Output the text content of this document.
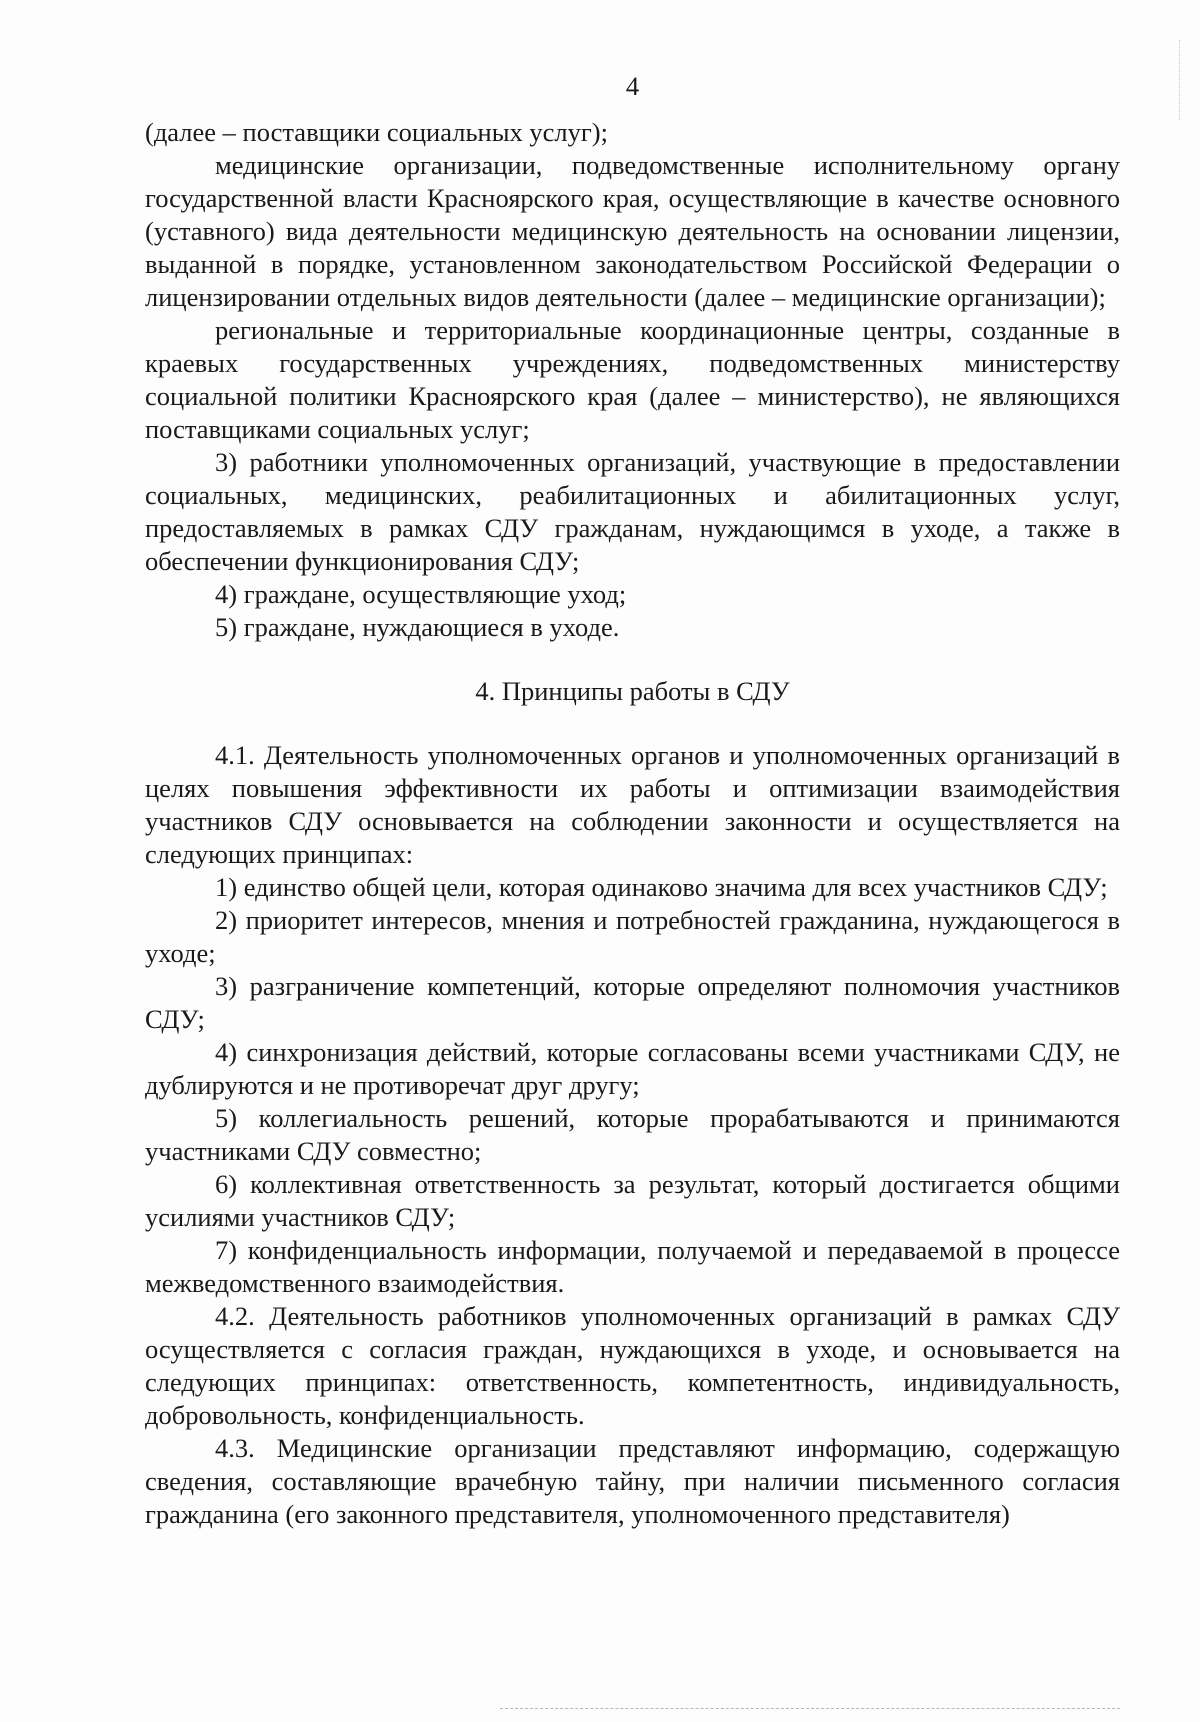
4

(далее – поставщики социальных услуг);

медицинские организации, подведомственные исполнительному органу государственной власти Красноярского края, осуществляющие в качестве основного (уставного) вида деятельности медицинскую деятельность на основании лицензии, выданной в порядке, установленном законодательством Российской Федерации о лицензировании отдельных видов деятельности (далее – медицинские организации);

региональные и территориальные координационные центры, созданные в краевых государственных учреждениях, подведомственных министерству социальной политики Красноярского края (далее – министерство), не являющихся поставщиками социальных услуг;

3) работники уполномоченных организаций, участвующие в предоставлении социальных, медицинских, реабилитационных и абилитационных услуг, предоставляемых в рамках СДУ гражданам, нуждающимся в уходе, а также в обеспечении функционирования СДУ;

4) граждане, осуществляющие уход;

5) граждане, нуждающиеся в уходе.

4. Принципы работы в СДУ

4.1. Деятельность уполномоченных органов и уполномоченных организаций в целях повышения эффективности их работы и оптимизации взаимодействия участников СДУ основывается на соблюдении законности и осуществляется на следующих принципах:

1) единство общей цели, которая одинаково значима для всех участников СДУ;

2) приоритет интересов, мнения и потребностей гражданина, нуждающегося в уходе;

3) разграничение компетенций, которые определяют полномочия участников СДУ;

4) синхронизация действий, которые согласованы всеми участниками СДУ, не дублируются и не противоречат друг другу;

5) коллегиальность решений, которые прорабатываются и принимаются участниками СДУ совместно;

6) коллективная ответственность за результат, который достигается общими усилиями участников СДУ;

7) конфиденциальность информации, получаемой и передаваемой в процессе межведомственного взаимодействия.

4.2. Деятельность работников уполномоченных организаций в рамках СДУ осуществляется с согласия граждан, нуждающихся в уходе, и основывается на следующих принципах: ответственность, компетентность, индивидуальность, добровольность, конфиденциальность.

4.3. Медицинские организации представляют информацию, содержащую сведения, составляющие врачебную тайну, при наличии письменного согласия гражданина (его законного представителя, уполномоченного представителя)
